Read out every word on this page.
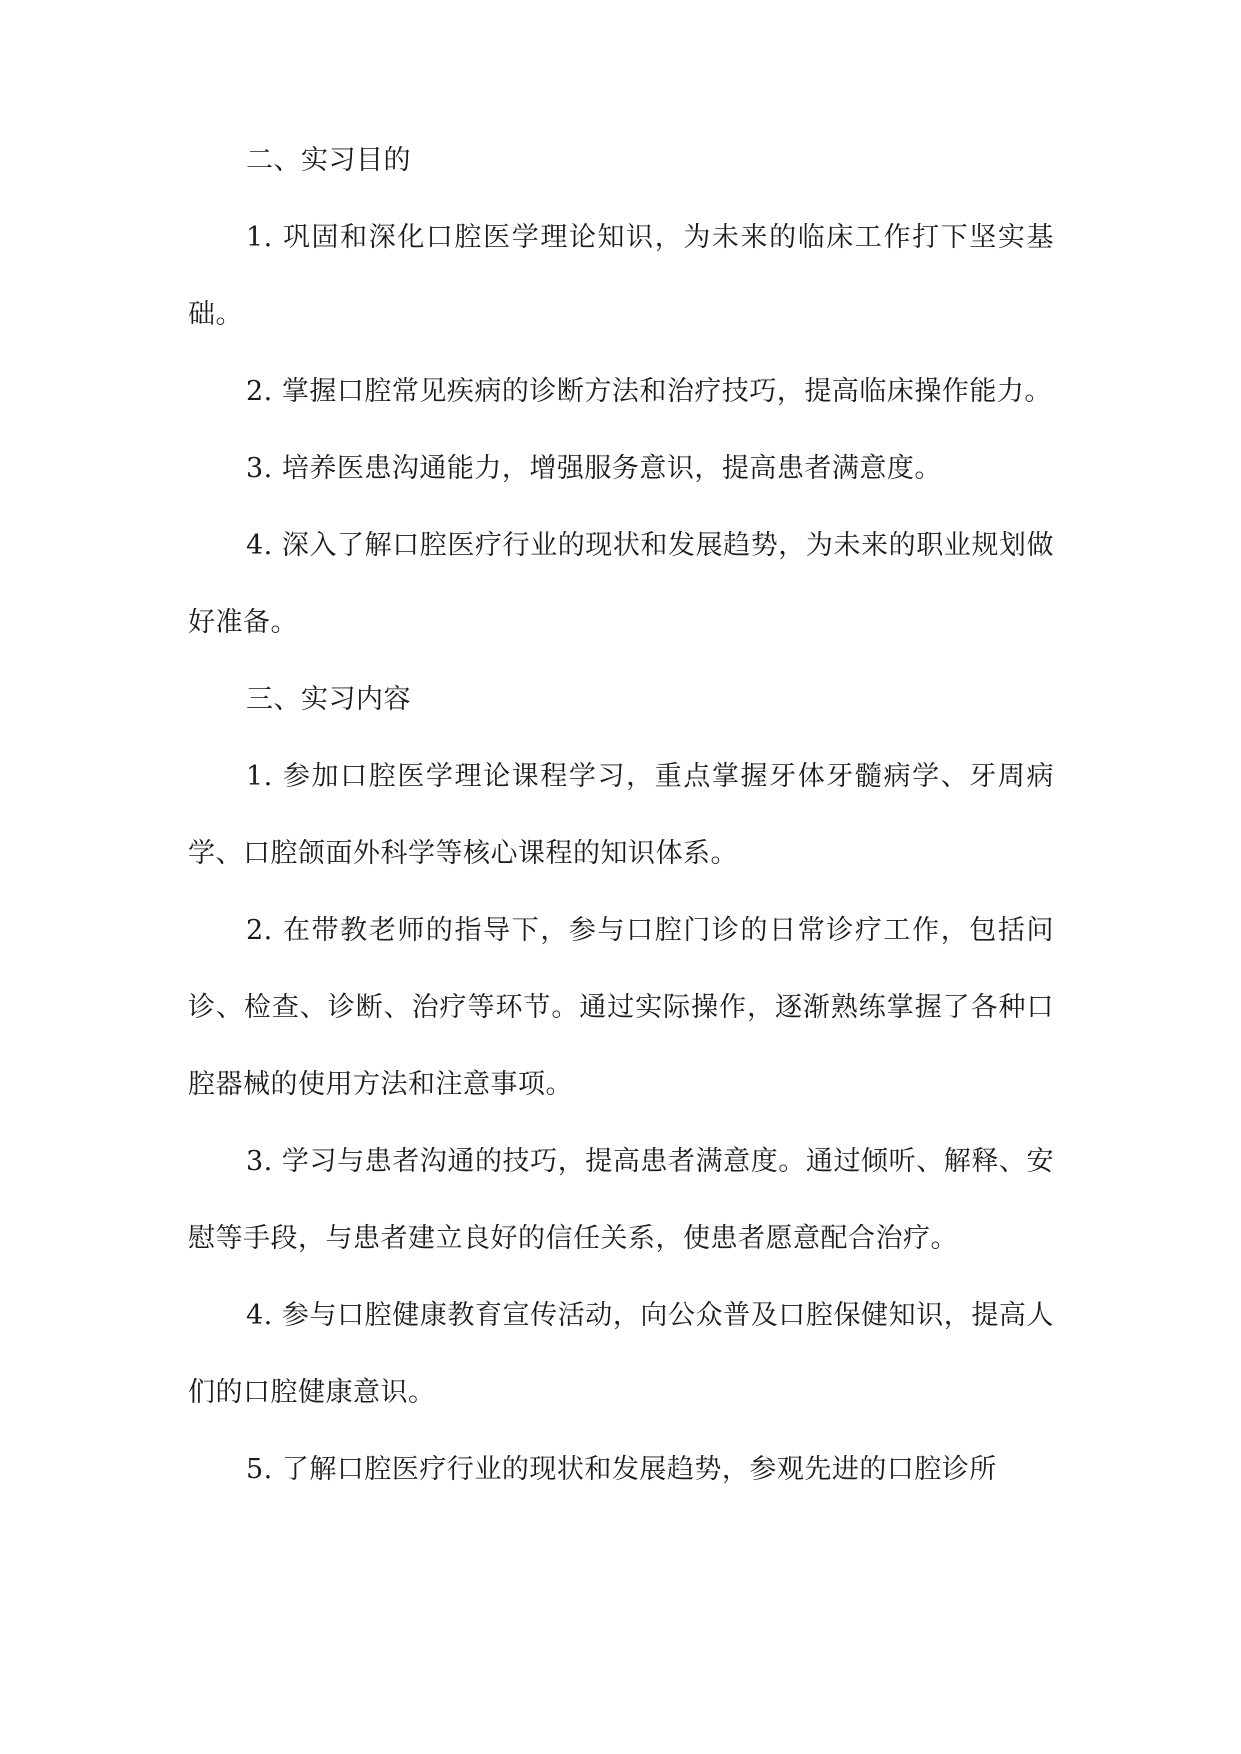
二、实习目的

1. 巩固和深化口腔医学理论知识，为未来的临床工作打下坚实基础。

2. 掌握口腔常见疾病的诊断方法和治疗技巧，提高临床操作能力。

3. 培养医患沟通能力，增强服务意识，提高患者满意度。

4. 深入了解口腔医疗行业的现状和发展趋势，为未来的职业规划做好准备。

三、实习内容

1. 参加口腔医学理论课程学习，重点掌握牙体牙髓病学、牙周病学、口腔颌面外科学等核心课程的知识体系。

2. 在带教老师的指导下，参与口腔门诊的日常诊疗工作，包括问诊、检查、诊断、治疗等环节。通过实际操作，逐渐熟练掌握了各种口腔器械的使用方法和注意事项。

3. 学习与患者沟通的技巧，提高患者满意度。通过倾听、解释、安慰等手段，与患者建立良好的信任关系，使患者愿意配合治疗。

4. 参与口腔健康教育宣传活动，向公众普及口腔保健知识，提高人们的口腔健康意识。

5. 了解口腔医疗行业的现状和发展趋势，参观先进的口腔诊所
